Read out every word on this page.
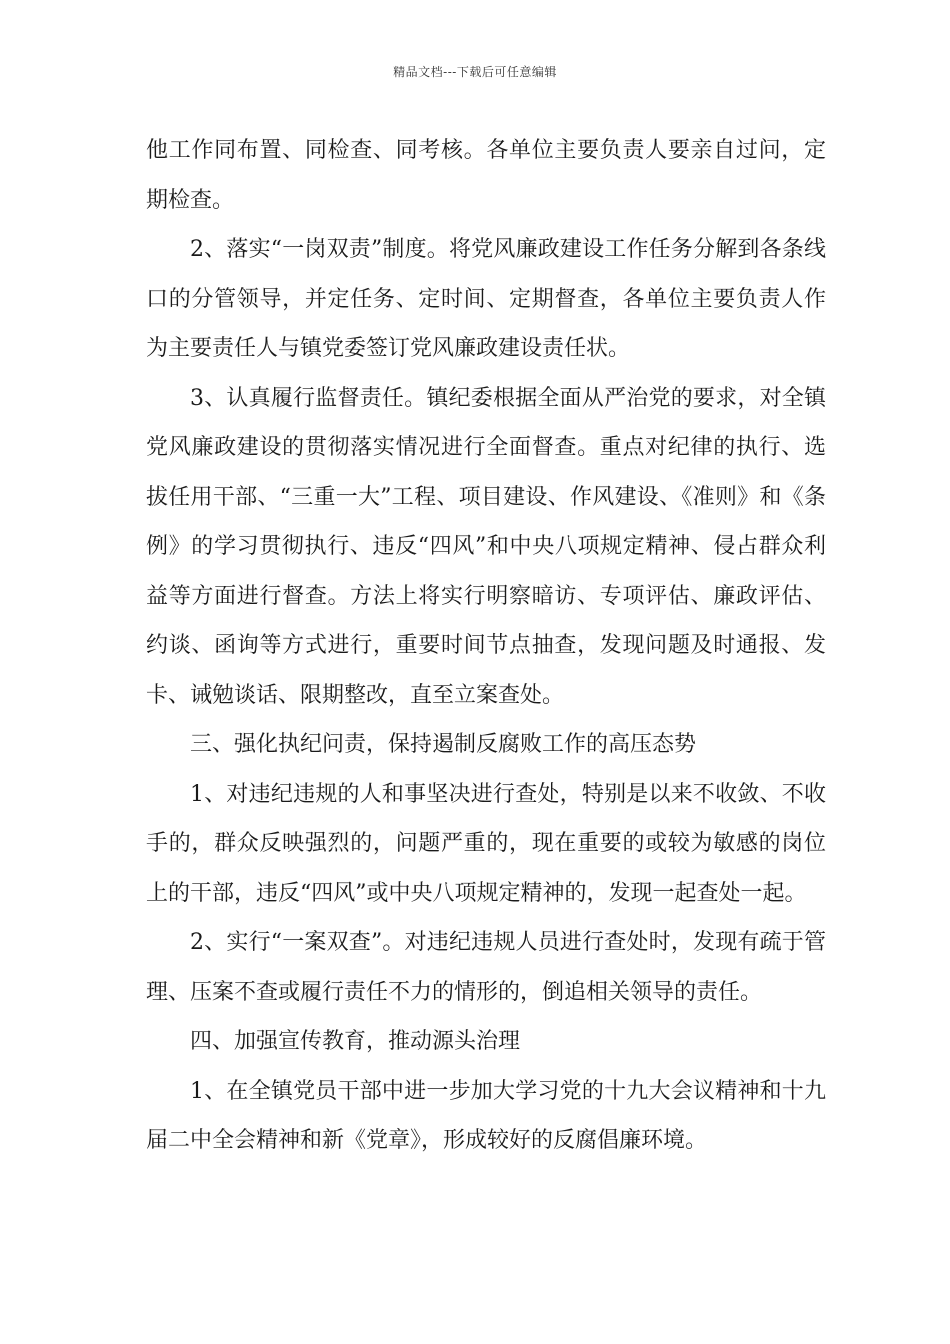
精品文档---下载后可任意编辑

他工作同布置、同检查、同考核。各单位主要负责人要亲自过问，定期检查。

2、落实“一岗双责”制度。将党风廉政建设工作任务分解到各条线口的分管领导，并定任务、定时间、定期督查，各单位主要负责人作为主要责任人与镇党委签订党风廉政建设责任状。

3、认真履行监督责任。镇纪委根据全面从严治党的要求，对全镇党风廉政建设的贯彻落实情况进行全面督查。重点对纪律的执行、选拔任用干部、“三重一大”工程、项目建设、作风建设、《准则》和《条例》的学习贯彻执行、违反“四风”和中央八项规定精神、侵占群众利益等方面进行督查。方法上将实行明察暗访、专项评估、廉政评估、约谈、函询等方式进行，重要时间节点抽查，发现问题及时通报、发卡、诫勉谈话、限期整改，直至立案查处。

三、强化执纪问责，保持遏制反腐败工作的高压态势

1、对违纪违规的人和事坚决进行查处，特别是以来不收敛、不收手的，群众反映强烈的，问题严重的，现在重要的或较为敏感的岗位上的干部，违反“四风”或中央八项规定精神的，发现一起查处一起。

2、实行“一案双查”。对违纪违规人员进行查处时，发现有疏于管理、压案不查或履行责任不力的情形的，倒追相关领导的责任。

四、加强宣传教育，推动源头治理

1、在全镇党员干部中进一步加大学习党的十九大会议精神和十九届二中全会精神和新《党章》，形成较好的反腐倡廉环境。
